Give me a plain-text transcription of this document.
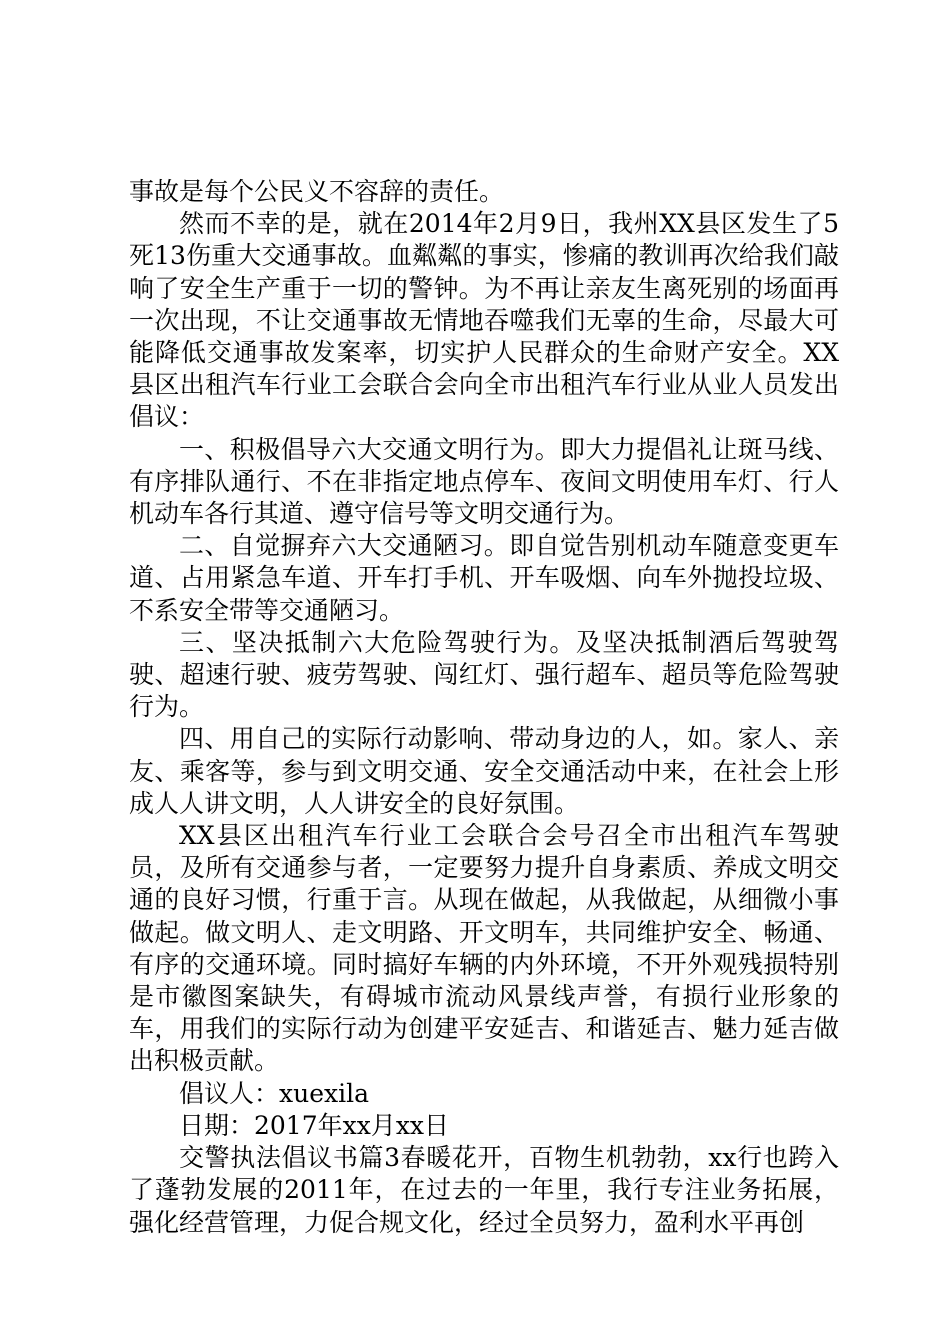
事故是每个公民义不容辞的责任。

然而不幸的是，就在2014年2月9日，我州XX县区发生了5死13伤重大交通事故。血粼粼的事实，惨痛的教训再次给我们敲响了安全生产重于一切的警钟。为不再让亲友生离死别的场面再一次出现，不让交通事故无情地吞噬我们无辜的生命，尽最大可能降低交通事故发案率，切实护人民群众的生命财产安全。XX县区出租汽车行业工会联合会向全市出租汽车行业从业人员发出倡议：

一、积极倡导六大交通文明行为。即大力提倡礼让斑马线、有序排队通行、不在非指定地点停车、夜间文明使用车灯、行人机动车各行其道、遵守信号等文明交通行为。

二、自觉摒弃六大交通陋习。即自觉告别机动车随意变更车道、占用紧急车道、开车打手机、开车吸烟、向车外抛投垃圾、不系安全带等交通陋习。

三、坚决抵制六大危险驾驶行为。及坚决抵制酒后驾驶驾驶、超速行驶、疲劳驾驶、闯红灯、强行超车、超员等危险驾驶行为。

四、用自己的实际行动影响、带动身边的人，如。家人、亲友、乘客等，参与到文明交通、安全交通活动中来，在社会上形成人人讲文明，人人讲安全的良好氛围。

XX县区出租汽车行业工会联合会号召全市出租汽车驾驶员，及所有交通参与者，一定要努力提升自身素质、养成文明交通的良好习惯，行重于言。从现在做起，从我做起，从细微小事做起。做文明人、走文明路、开文明车，共同维护安全、畅通、有序的交通环境。同时搞好车辆的内外环境，不开外观残损特别是市徽图案缺失，有碍城市流动风景线声誉，有损行业形象的车，用我们的实际行动为创建平安延吉、和谐延吉、魅力延吉做出积极贡献。

倡议人：xuexila

日期：2017年xx月xx日

交警执法倡议书篇3春暖花开，百物生机勃勃，xx行也跨入了蓬勃发展的2011年，在过去的一年里，我行专注业务拓展，强化经营管理，力促合规文化，经过全员努力，盈利水平再创
